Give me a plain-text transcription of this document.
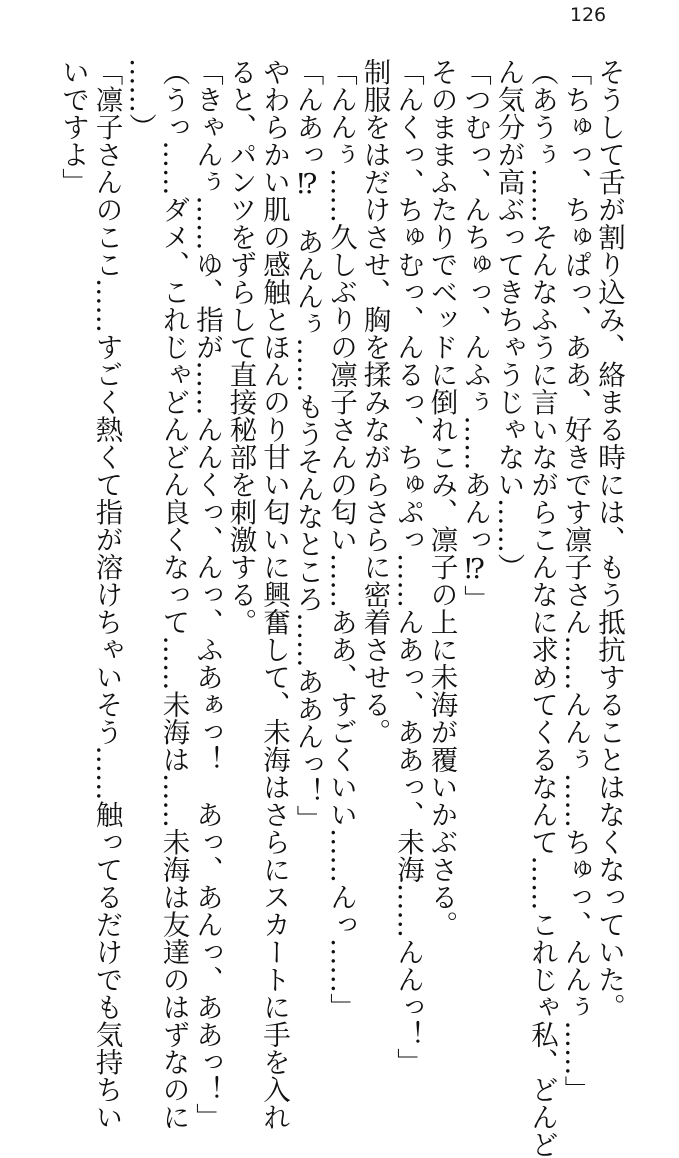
126
そうして舌が割り込み、絡まる時には、もう抵抗することはなくなっていた。
「ちゅっ、ちゅぱっ、ああ、好きです凛子さん……んんぅ……ちゅっ、んんぅ……」
（あうぅ……そんなふうに言いながらこんなに求めてくるなんて……これじゃ私、どんど
ん気分が高ぶってきちゃうじゃない……）
「つむっ、んちゅっ、んふぅ……あんっ⁉」
そのままふたりでベッドに倒れこみ、凛子の上に未海が覆いかぶさる。
「んくっ、ちゅむっ、んるっ、ちゅぷっ……んあっ、ああっ、未海……んんっ！」
制服をはだけさせ、胸を揉みながらさらに密着させる。
「んんぅ……久しぶりの凛子さんの匂い……ああ、すごくいい……んっ……」
「んあっ⁉　あんんぅ……もうそんなところ……ああんっ！」
やわらかい肌の感触とほんのり甘い匂いに興奮して、未海はさらにスカートに手を入れ
ると、パンツをずらして直接秘部を刺激する。
「きゃんぅ……ゆ、指が……んんくっ、んっ、ふあぁっ！　あっ、あんっ、ああっ！」
（うっ……ダメ、これじゃどんどん良くなって……未海は……未海は友達のはずなのに
……）
「凛子さんのここ……すごく熱くて指が溶けちゃいそう……触ってるだけでも気持ちい
いですよ」
